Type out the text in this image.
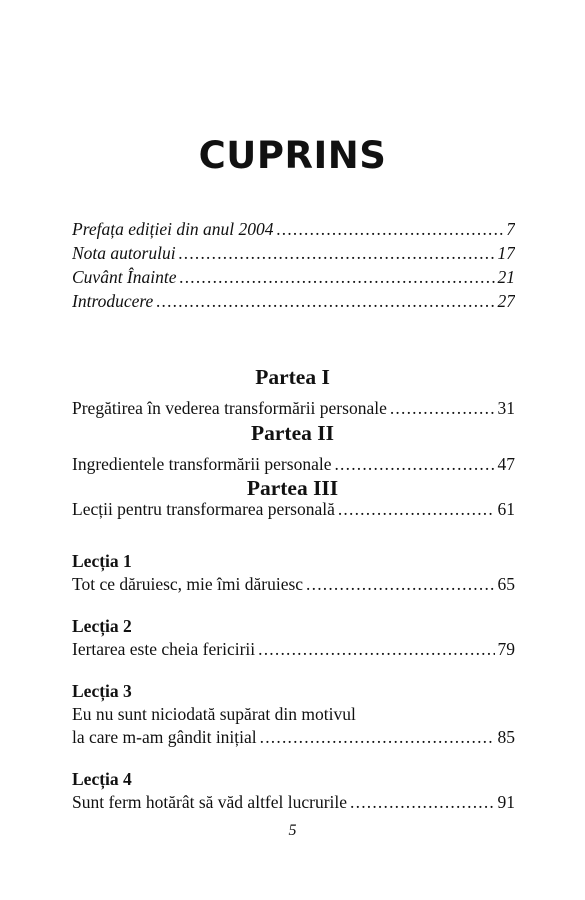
CUPRINS
Prefața ediției din anul 2004 .....	7
Nota autorului .....	17
Cuvânt Înainte .....	21
Introducere .....	27
Partea I
Pregătirea în vederea transformării personale .....	31
Partea II
Ingredientele transformării personale .....	47
Partea III
Lecții pentru transformarea personală .....	61
Lecția 1
Tot ce dăruiesc, mie îmi dăruiesc .....	65
Lecția 2
Iertarea este cheia fericirii .....	79
Lecția 3
Eu nu sunt niciodată supărat din motivul
la care m-am gândit inițial .....	85
Lecția 4
Sunt ferm hotărât să văd altfel lucrurile .....	91
5
